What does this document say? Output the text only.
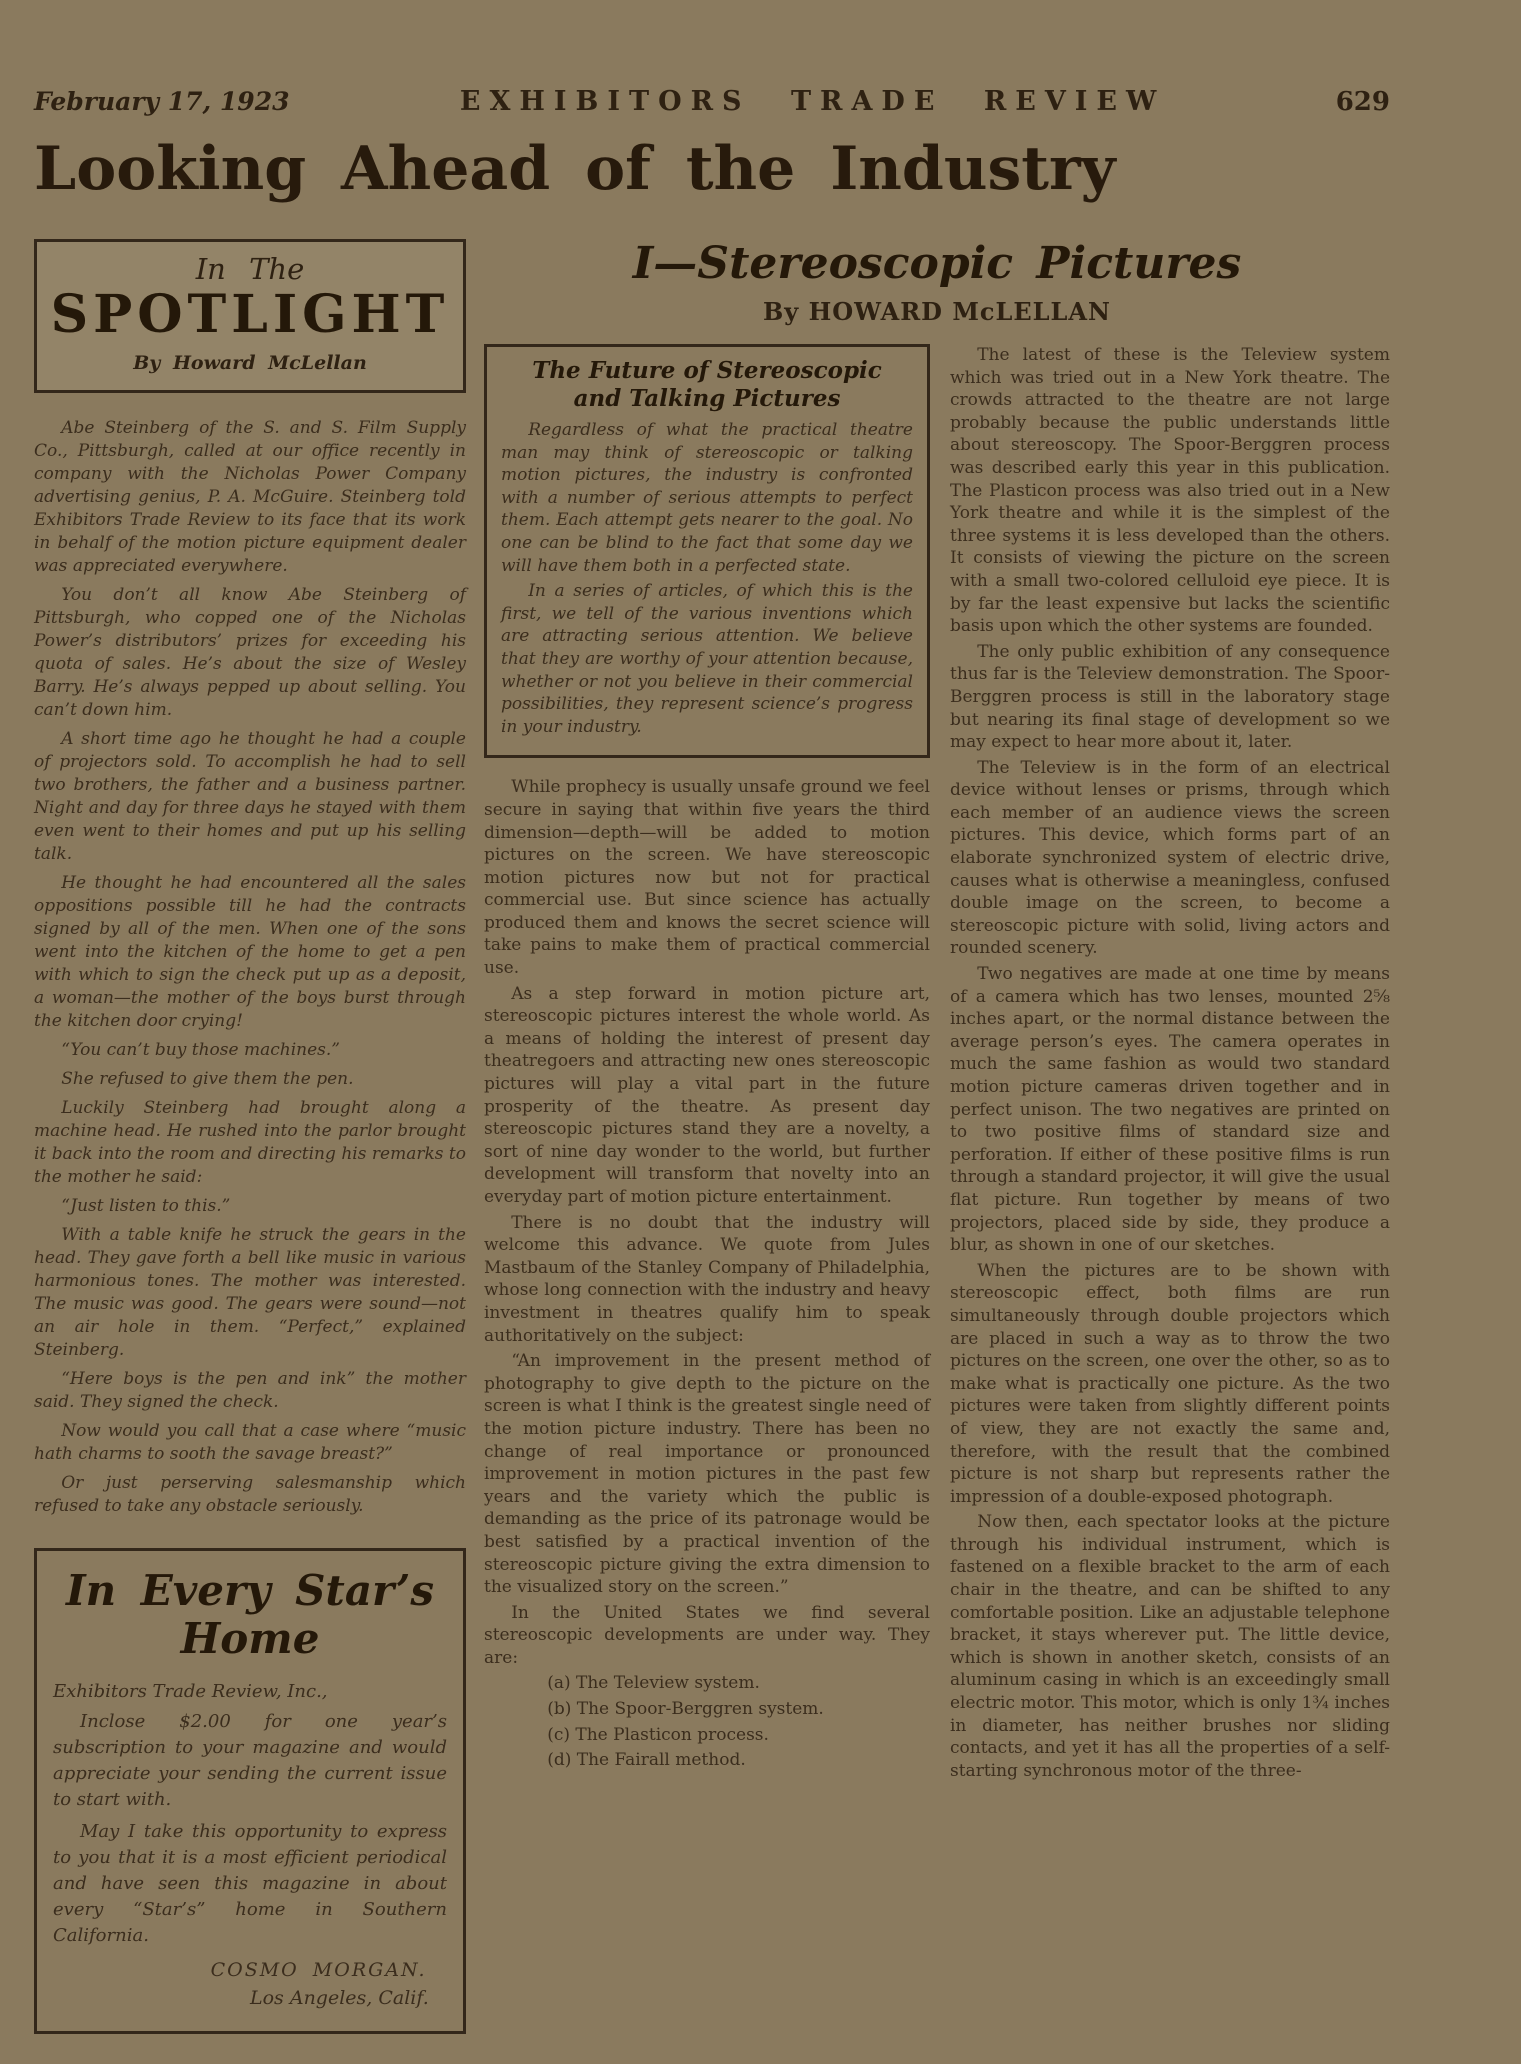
February 17, 1923	EXHIBITORS TRADE REVIEW	629
Looking Ahead of the Industry
In The
SPOTLIGHT
By Howard McLellan

Abe Steinberg of the S. and S. Film Supply Co., Pittsburgh, called at our office recently in company with the Nicholas Power Company advertising genius, P. A. McGuire. Steinberg told Exhibitors Trade Review to its face that its work in behalf of the motion picture equipment dealer was appreciated everywhere.

You don’t all know Abe Steinberg of Pittsburgh, who copped one of the Nicholas Power’s distributors’ prizes for exceeding his quota of sales. He’s about the size of Wesley Barry. He’s always pepped up about selling. You can’t down him.

A short time ago he thought he had a couple of projectors sold. To accomplish he had to sell two brothers, the father and a business partner. Night and day for three days he stayed with them even went to their homes and put up his selling talk.

He thought he had encountered all the sales oppositions possible till he had the contracts signed by all of the men. When one of the sons went into the kitchen of the home to get a pen with which to sign the check put up as a deposit, a woman—the mother of the boys burst through the kitchen door crying!

“You can’t buy those machines.”

She refused to give them the pen.

Luckily Steinberg had brought along a machine head. He rushed into the parlor brought it back into the room and directing his remarks to the mother he said:

“Just listen to this.”

With a table knife he struck the gears in the head. They gave forth a bell like music in various harmonious tones. The mother was interested. The music was good. The gears were sound—not an air hole in them. “Perfect,” explained Steinberg.

“Here boys is the pen and ink” the mother said. They signed the check.

Now would you call that a case where “music hath charms to sooth the savage breast?”

Or just perserving salesmanship which refused to take any obstacle seriously.

In Every Star’s
Home
Exhibitors Trade Review, Inc.,

Inclose $2.00 for one year’s subscription to your magazine and would appreciate your sending the current issue to start with.

May I take this opportunity to express to you that it is a most efficient periodical and have seen this magazine in about every “Star’s” home in Southern California.

COSMO MORGAN.
Los Angeles, Calif.
I—Stereoscopic Pictures
By HOWARD McLELLAN
The Future of Stereoscopic
and Talking Pictures

Regardless of what the practical theatre man may think of stereoscopic or talking motion pictures, the industry is confronted with a number of serious attempts to perfect them. Each attempt gets nearer to the goal. No one can be blind to the fact that some day we will have them both in a perfected state.

In a series of articles, of which this is the first, we tell of the various inventions which are attracting serious attention. We believe that they are worthy of your attention because, whether or not you believe in their commercial possibilities, they represent science’s progress in your industry.

While prophecy is usually unsafe ground we feel secure in saying that within five years the third dimension—depth—will be added to motion pictures on the screen. We have stereoscopic motion pictures now but not for practical commercial use. But since science has actually produced them and knows the secret science will take pains to make them of practical commercial use.

As a step forward in motion picture art, stereoscopic pictures interest the whole world. As a means of holding the interest of present day theatregoers and attracting new ones stereoscopic pictures will play a vital part in the future prosperity of the theatre. As present day stereoscopic pictures stand they are a novelty, a sort of nine day wonder to the world, but further development will transform that novelty into an everyday part of motion picture entertainment.

There is no doubt that the industry will welcome this advance. We quote from Jules Mastbaum of the Stanley Company of Philadelphia, whose long connection with the industry and heavy investment in theatres qualify him to speak authoritatively on the subject:

“An improvement in the present method of photography to give depth to the picture on the screen is what I think is the greatest single need of the motion picture industry. There has been no change of real importance or pronounced improvement in motion pictures in the past few years and the variety which the public is demanding as the price of its patronage would be best satisfied by a practical invention of the stereoscopic picture giving the extra dimension to the visualized story on the screen.”

In the United States we find several stereoscopic developments are under way. They are:

(a) The Teleview system.

(b) The Spoor-Berggren system.

(c) The Plasticon process.

(d) The Fairall method.

The latest of these is the Teleview system which was tried out in a New York theatre. The crowds attracted to the theatre are not large probably because the public understands little about stereoscopy. The Spoor-Berggren process was described early this year in this publication. The Plasticon process was also tried out in a New York theatre and while it is the simplest of the three systems it is less developed than the others. It consists of viewing the picture on the screen with a small two-colored celluloid eye piece. It is by far the least expensive but lacks the scientific basis upon which the other systems are founded.

The only public exhibition of any consequence thus far is the Teleview demonstration. The Spoor-Berggren process is still in the laboratory stage but nearing its final stage of development so we may expect to hear more about it, later.

The Teleview is in the form of an electrical device without lenses or prisms, through which each member of an audience views the screen pictures. This device, which forms part of an elaborate synchronized system of electric drive, causes what is otherwise a meaningless, confused double image on the screen, to become a stereoscopic picture with solid, living actors and rounded scenery.

Two negatives are made at one time by means of a camera which has two lenses, mounted 2⅝ inches apart, or the normal distance between the average person’s eyes. The camera operates in much the same fashion as would two standard motion picture cameras driven together and in perfect unison. The two negatives are printed on to two positive films of standard size and perforation. If either of these positive films is run through a standard projector, it will give the usual flat picture. Run together by means of two projectors, placed side by side, they produce a blur, as shown in one of our sketches.

When the pictures are to be shown with stereoscopic effect, both films are run simultaneously through double projectors which are placed in such a way as to throw the two pictures on the screen, one over the other, so as to make what is practically one picture. As the two pictures were taken from slightly different points of view, they are not exactly the same and, therefore, with the result that the combined picture is not sharp but represents rather the impression of a double-exposed photograph.

Now then, each spectator looks at the picture through his individual instrument, which is fastened on a flexible bracket to the arm of each chair in the theatre, and can be shifted to any comfortable position. Like an adjustable telephone bracket, it stays wherever put. The little device, which is shown in another sketch, consists of an aluminum casing in which is an exceedingly small electric motor. This motor, which is only 1¾ inches in diameter, has neither brushes nor sliding contacts, and yet it has all the properties of a self-starting synchronous motor of the three-
